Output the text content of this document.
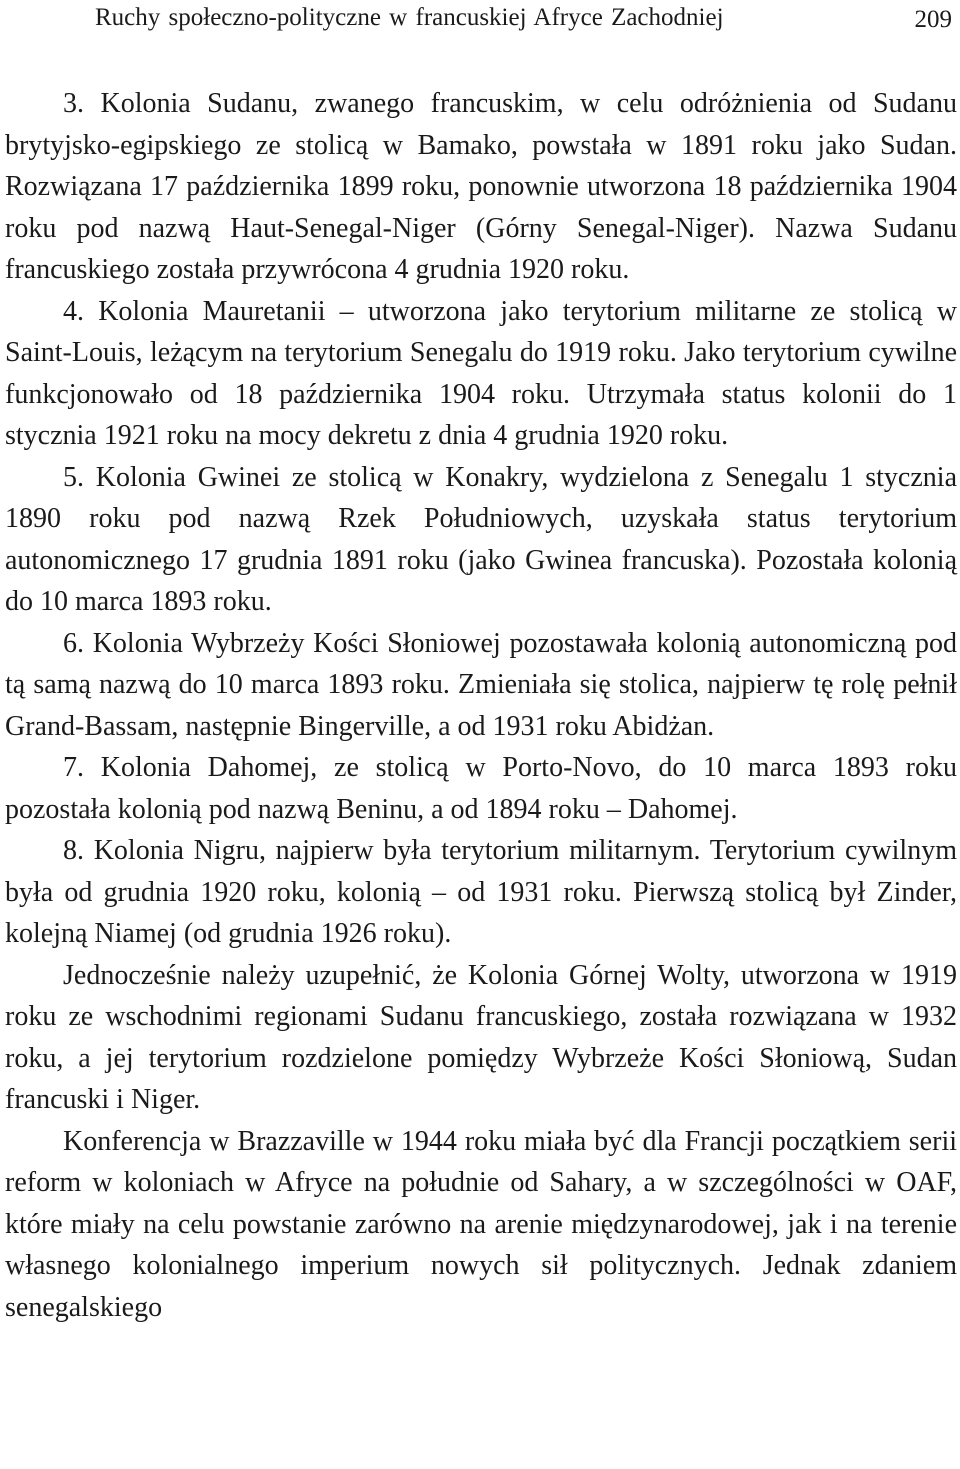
Ruchy społeczno-polityczne w francuskiej Afryce Zachodniej	209

3. Kolonia Sudanu, zwanego francuskim, w celu odróżnienia od Sudanu brytyjsko-egipskiego ze stolicą w Bamako, powstała w 1891 roku jako Sudan. Rozwiązana 17 października 1899 roku, ponownie utworzona 18 października 1904 roku pod nazwą Haut-Senegal-Niger (Górny Senegal-Niger). Nazwa Sudanu francuskiego została przywrócona 4 grudnia 1920 roku.

4. Kolonia Mauretanii – utworzona jako terytorium militarne ze stolicą w Saint-Louis, leżącym na terytorium Senegalu do 1919 roku. Jako terytorium cywilne funkcjonowało od 18 października 1904 roku. Utrzymała status kolonii do 1 stycznia 1921 roku na mocy dekretu z dnia 4 grudnia 1920 roku.

5. Kolonia Gwinei ze stolicą w Konakry, wydzielona z Senegalu 1 stycznia 1890 roku pod nazwą Rzek Południowych, uzyskała status terytorium autonomicznego 17 grudnia 1891 roku (jako Gwinea francuska). Pozostała kolonią do 10 marca 1893 roku.

6. Kolonia Wybrzeży Kości Słoniowej pozostawała kolonią autonomiczną pod tą samą nazwą do 10 marca 1893 roku. Zmieniała się stolica, najpierw tę rolę pełnił Grand-Bassam, następnie Bingerville, a od 1931 roku Abidżan.

7. Kolonia Dahomej, ze stolicą w Porto-Novo, do 10 marca 1893 roku pozostała kolonią pod nazwą Beninu, a od 1894 roku – Dahomej.

8. Kolonia Nigru, najpierw była terytorium militarnym. Terytorium cywilnym była od grudnia 1920 roku, kolonią – od 1931 roku. Pierwszą stolicą był Zinder, kolejną Niamej (od grudnia 1926 roku).

Jednocześnie należy uzupełnić, że Kolonia Górnej Wolty, utworzona w 1919 roku ze wschodnimi regionami Sudanu francuskiego, została rozwiązana w 1932 roku, a jej terytorium rozdzielone pomiędzy Wybrzeże Kości Słoniową, Sudan francuski i Niger.

Konferencja w Brazzaville w 1944 roku miała być dla Francji początkiem serii reform w koloniach w Afryce na południe od Sahary, a w szczególności w OAF, które miały na celu powstanie zarówno na arenie międzynarodowej, jak i na terenie własnego kolonialnego imperium nowych sił politycznych. Jednak zdaniem senegalskiego
